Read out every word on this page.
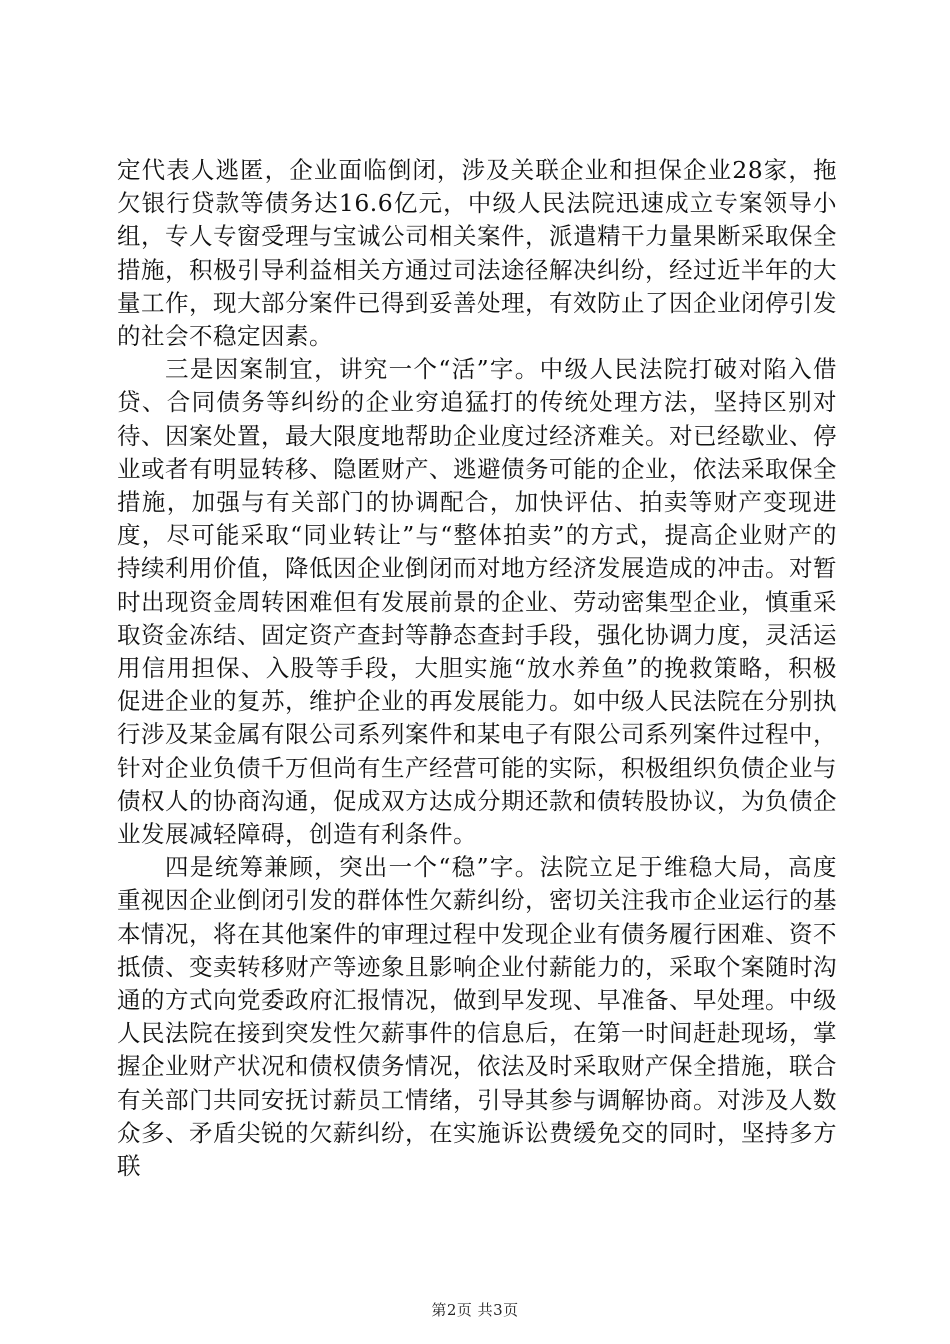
定代表人逃匿，企业面临倒闭，涉及关联企业和担保企业28家，拖欠银行贷款等债务达16.6亿元，中级人民法院迅速成立专案领导小组，专人专窗受理与宝诚公司相关案件，派遣精干力量果断采取保全措施，积极引导利益相关方通过司法途径解决纠纷，经过近半年的大量工作，现大部分案件已得到妥善处理，有效防止了因企业闭停引发的社会不稳定因素。

三是因案制宜，讲究一个“活”字。中级人民法院打破对陷入借贷、合同债务等纠纷的企业穷追猛打的传统处理方法，坚持区别对待、因案处置，最大限度地帮助企业度过经济难关。对已经歇业、停业或者有明显转移、隐匿财产、逃避债务可能的企业，依法采取保全措施，加强与有关部门的协调配合，加快评估、拍卖等财产变现进度，尽可能采取“同业转让”与“整体拍卖”的方式，提高企业财产的持续利用价值，降低因企业倒闭而对地方经济发展造成的冲击。对暂时出现资金周转困难但有发展前景的企业、劳动密集型企业，慎重采取资金冻结、固定资产查封等静态查封手段，强化协调力度，灵活运用信用担保、入股等手段，大胆实施“放水养鱼”的挽救策略，积极促进企业的复苏，维护企业的再发展能力。如中级人民法院在分别执行涉及某金属有限公司系列案件和某电子有限公司系列案件过程中，针对企业负债千万但尚有生产经营可能的实际，积极组织负债企业与债权人的协商沟通，促成双方达成分期还款和债转股协议，为负债企业发展减轻障碍，创造有利条件。

四是统筹兼顾，突出一个“稳”字。法院立足于维稳大局，高度重视因企业倒闭引发的群体性欠薪纠纷，密切关注我市企业运行的基本情况，将在其他案件的审理过程中发现企业有债务履行困难、资不抵债、变卖转移财产等迹象且影响企业付薪能力的，采取个案随时沟通的方式向党委政府汇报情况，做到早发现、早准备、早处理。中级人民法院在接到突发性欠薪事件的信息后，在第一时间赶赴现场，掌握企业财产状况和债权债务情况，依法及时采取财产保全措施，联合有关部门共同安抚讨薪员工情绪，引导其参与调解协商。对涉及人数众多、矛盾尖锐的欠薪纠纷，在实施诉讼费缓免交的同时，坚持多方联

第2页 共3页
